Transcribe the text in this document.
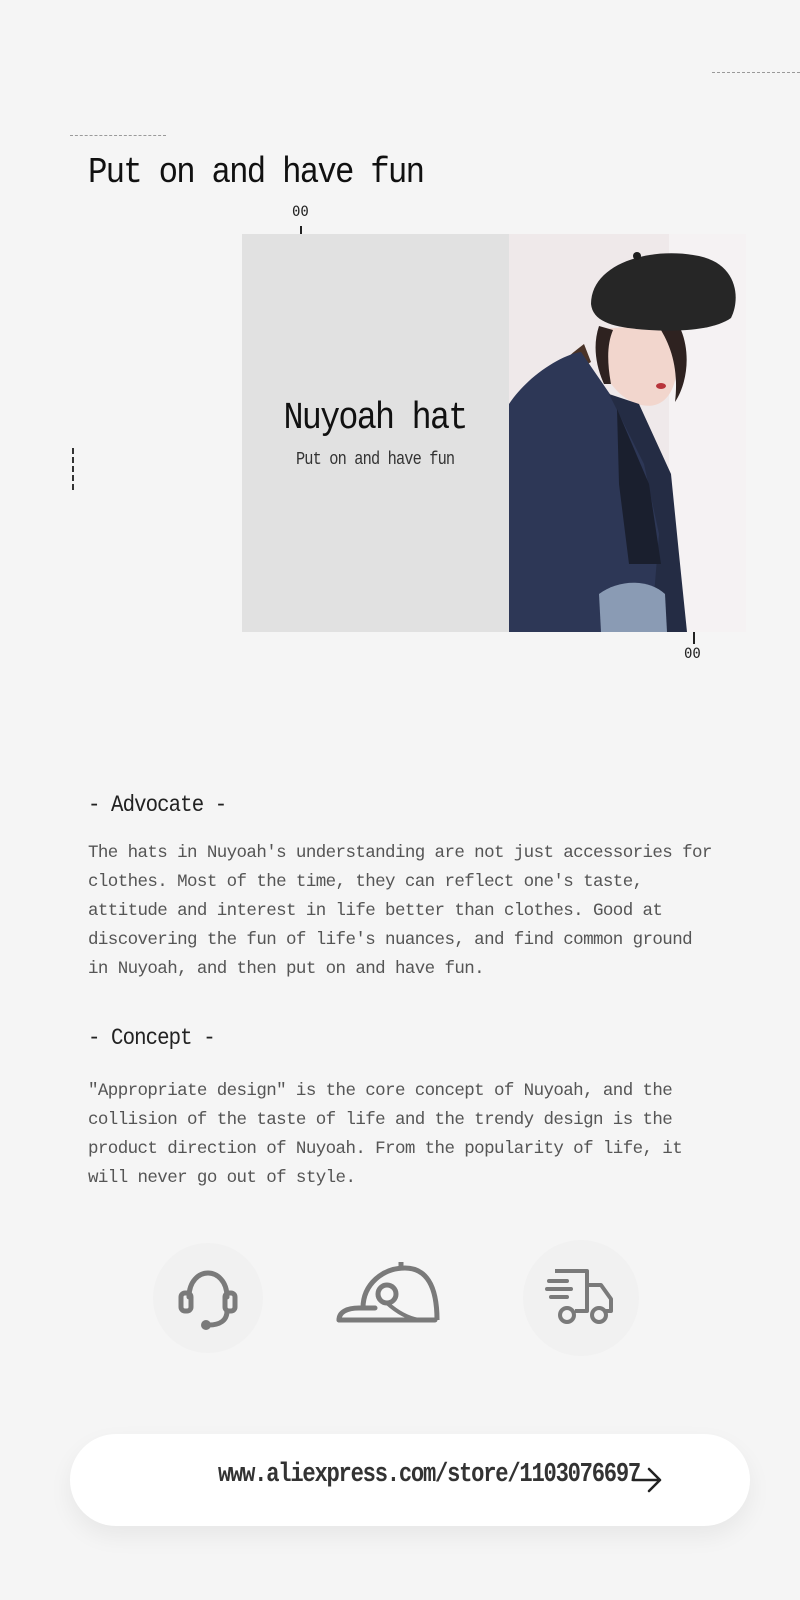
Put on and have fun
00
Nuyoah hat
Put on and have fun
00
- Advocate -
The hats in Nuyoah's understanding are not just accessories for clothes. Most of the time, they can reflect one's taste, attitude and interest in life better than clothes. Good at discovering the fun of life's nuances, and find common ground in Nuyoah, and then put on and have fun.
- Concept -
"Appropriate design" is the core concept of Nuyoah, and the collision of the taste of life and the trendy design is the product direction of Nuyoah. From the popularity of life, it will never go out of style.
www.aliexpress.com/store/1103076697
